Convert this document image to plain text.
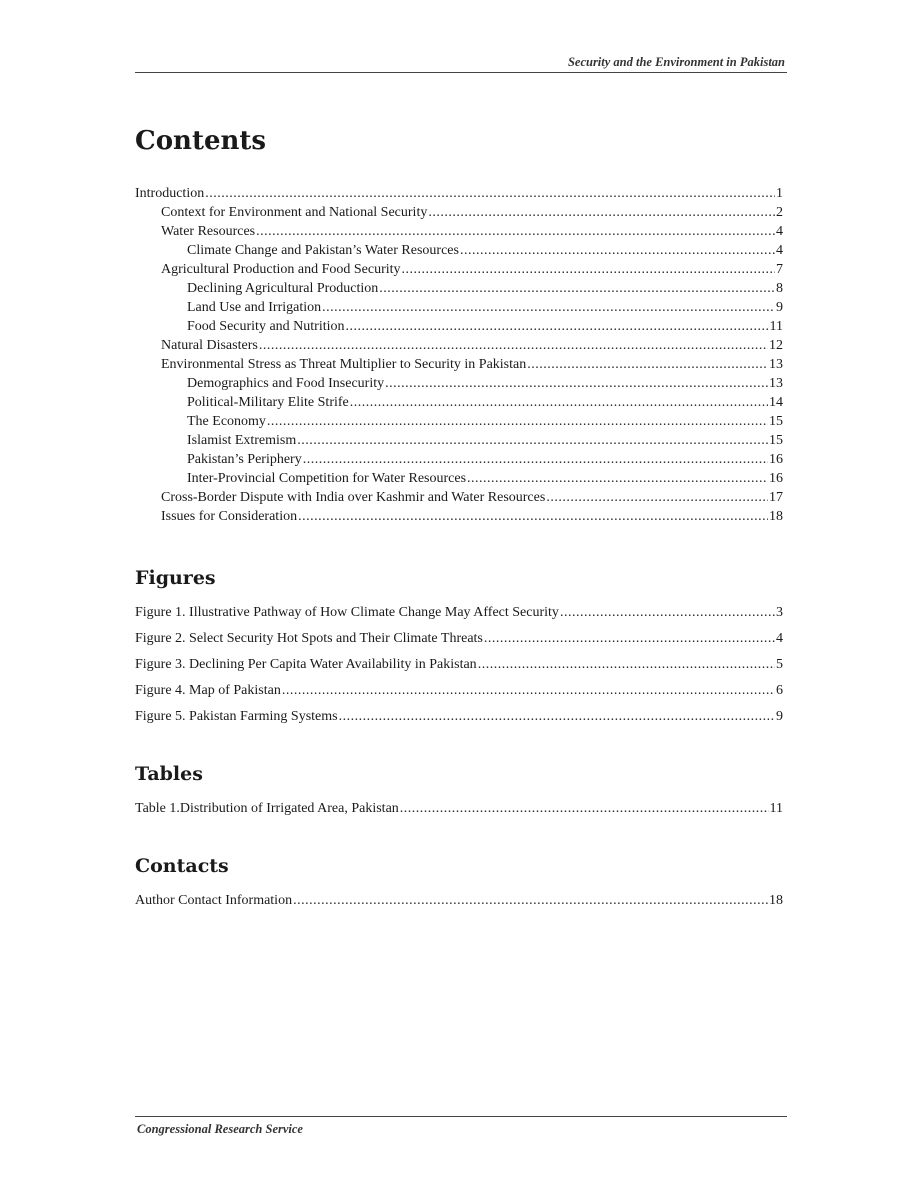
Security and the Environment in Pakistan
Contents
Introduction .....	1
Context for Environment and National Security .....	2
Water Resources .....	4
Climate Change and Pakistan’s Water Resources .....	4
Agricultural Production and Food Security .....	7
Declining Agricultural Production .....	8
Land Use and Irrigation .....	9
Food Security and Nutrition .....	11
Natural Disasters .....	12
Environmental Stress as Threat Multiplier to Security in Pakistan .....	13
Demographics and Food Insecurity .....	13
Political-Military Elite Strife .....	14
The Economy .....	15
Islamist Extremism .....	15
Pakistan’s Periphery .....	16
Inter-Provincial Competition for Water Resources .....	16
Cross-Border Dispute with India over Kashmir and Water Resources .....	17
Issues for Consideration .....	18
Figures
Figure 1. Illustrative Pathway of How Climate Change May Affect Security .....	3
Figure 2. Select Security Hot Spots and Their Climate Threats .....	4
Figure 3. Declining Per Capita Water Availability in Pakistan .....	5
Figure 4. Map of Pakistan .....	6
Figure 5. Pakistan Farming Systems .....	9
Tables
Table 1.Distribution of Irrigated Area, Pakistan .....	11
Contacts
Author Contact Information .....	18
Congressional Research Service
